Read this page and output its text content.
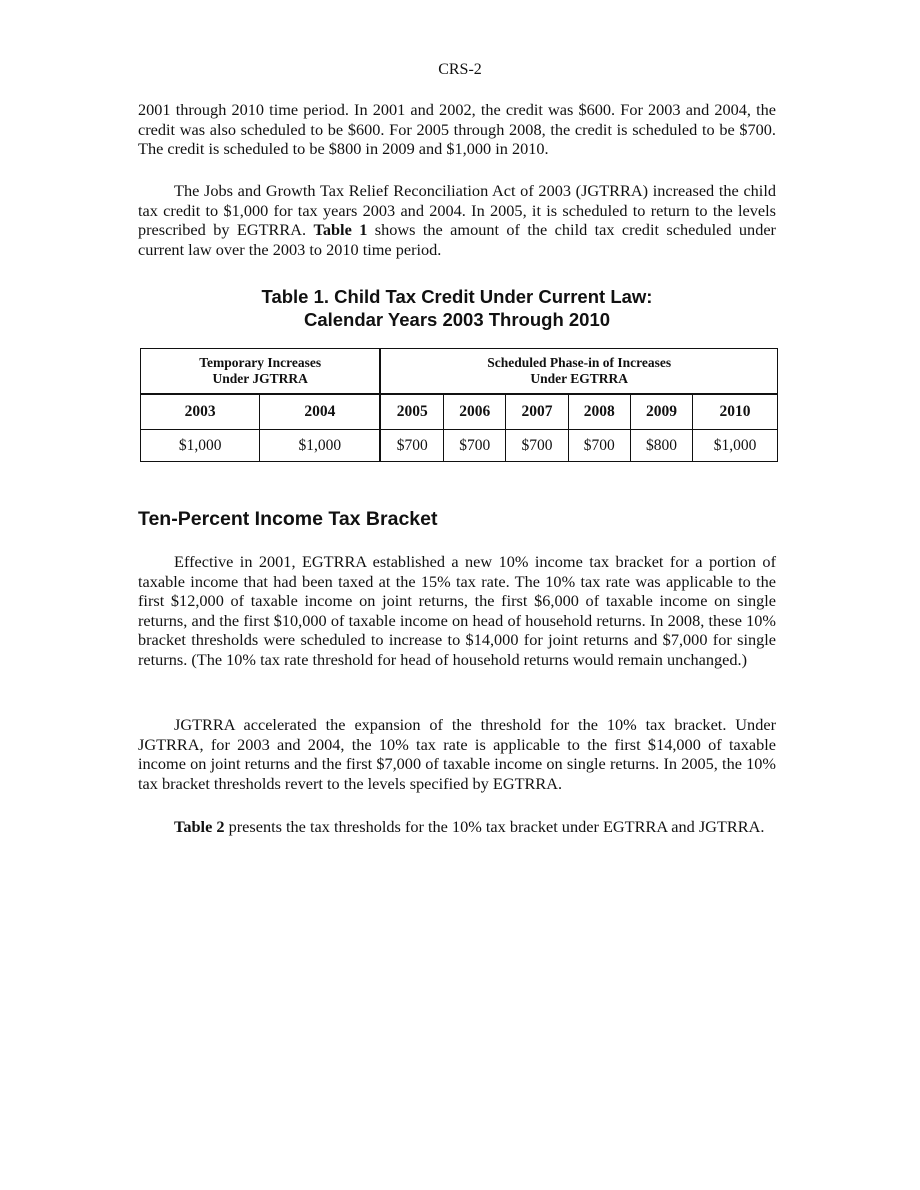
CRS-2

2001 through 2010 time period. In 2001 and 2002, the credit was $600. For 2003 and 2004, the credit was also scheduled to be $600. For 2005 through 2008, the credit is scheduled to be $700. The credit is scheduled to be $800 in 2009 and $1,000 in 2010.

The Jobs and Growth Tax Relief Reconciliation Act of 2003 (JGTRRA) increased the child tax credit to $1,000 for tax years 2003 and 2004. In 2005, it is scheduled to return to the levels prescribed by EGTRRA. Table 1 shows the amount of the child tax credit scheduled under current law over the 2003 to 2010 time period.

Table 1. Child Tax Credit Under Current Law:
Calendar Years 2003 Through 2010
Temporary Increases
Under JGTRRA		Scheduled Phase-in of Increases
Under EGTRRA					
2003	2004	2005	2006	2007	2008	2009	2010
$1,000	$1,000	$700	$700	$700	$700	$800	$1,000
Ten-Percent Income Tax Bracket

Effective in 2001, EGTRRA established a new 10% income tax bracket for a portion of taxable income that had been taxed at the 15% tax rate. The 10% tax rate was applicable to the first $12,000 of taxable income on joint returns, the first $6,000 of taxable income on single returns, and the first $10,000 of taxable income on head of household returns. In 2008, these 10% bracket thresholds were scheduled to increase to $14,000 for joint returns and $7,000 for single returns. (The 10% tax rate threshold for head of household returns would remain unchanged.)

JGTRRA accelerated the expansion of the threshold for the 10% tax bracket. Under JGTRRA, for 2003 and 2004, the 10% tax rate is applicable to the first $14,000 of taxable income on joint returns and the first $7,000 of taxable income on single returns. In 2005, the 10% tax bracket thresholds revert to the levels specified by EGTRRA.

Table 2 presents the tax thresholds for the 10% tax bracket under EGTRRA and JGTRRA.
